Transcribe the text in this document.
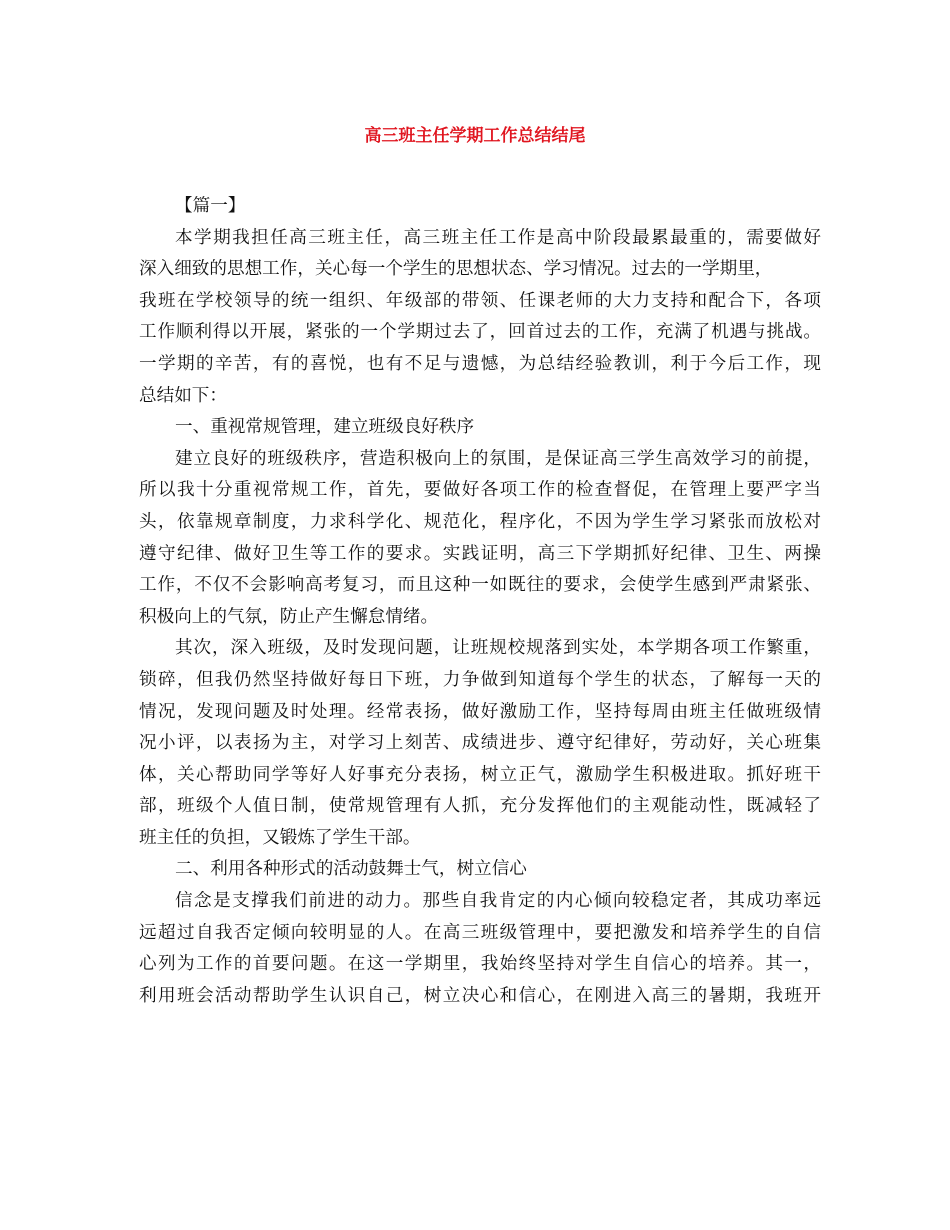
高三班主任学期工作总结结尾

【篇一】

本学期我担任高三班主任，高三班主任工作是高中阶段最累最重的，需要做好

深入细致的思想工作，关心每一个学生的思想状态、学习情况。过去的一学期里，

我班在学校领导的统一组织、年级部的带领、任课老师的大力支持和配合下，各项

工作顺利得以开展，紧张的一个学期过去了，回首过去的工作，充满了机遇与挑战。

一学期的辛苦，有的喜悦，也有不足与遗憾，为总结经验教训，利于今后工作，现

总结如下：

一、重视常规管理，建立班级良好秩序

建立良好的班级秩序，营造积极向上的氛围，是保证高三学生高效学习的前提，

所以我十分重视常规工作，首先，要做好各项工作的检查督促，在管理上要严字当

头，依靠规章制度，力求科学化、规范化，程序化，不因为学生学习紧张而放松对

遵守纪律、做好卫生等工作的要求。实践证明，高三下学期抓好纪律、卫生、两操

工作，不仅不会影响高考复习，而且这种一如既往的要求，会使学生感到严肃紧张、

积极向上的气氛，防止产生懈怠情绪。

其次，深入班级，及时发现问题，让班规校规落到实处，本学期各项工作繁重，

锁碎，但我仍然坚持做好每日下班，力争做到知道每个学生的状态，了解每一天的

情况，发现问题及时处理。经常表扬，做好激励工作，坚持每周由班主任做班级情

况小评，以表扬为主，对学习上刻苦、成绩进步、遵守纪律好，劳动好，关心班集

体，关心帮助同学等好人好事充分表扬，树立正气，激励学生积极进取。抓好班干

部，班级个人值日制，使常规管理有人抓，充分发挥他们的主观能动性，既减轻了

班主任的负担，又锻炼了学生干部。

二、利用各种形式的活动鼓舞士气，树立信心

信念是支撑我们前进的动力。那些自我肯定的内心倾向较稳定者，其成功率远

远超过自我否定倾向较明显的人。在高三班级管理中，要把激发和培养学生的自信

心列为工作的首要问题。在这一学期里，我始终坚持对学生自信心的培养。其一，

利用班会活动帮助学生认识自己，树立决心和信心，在刚进入高三的暑期，我班开
